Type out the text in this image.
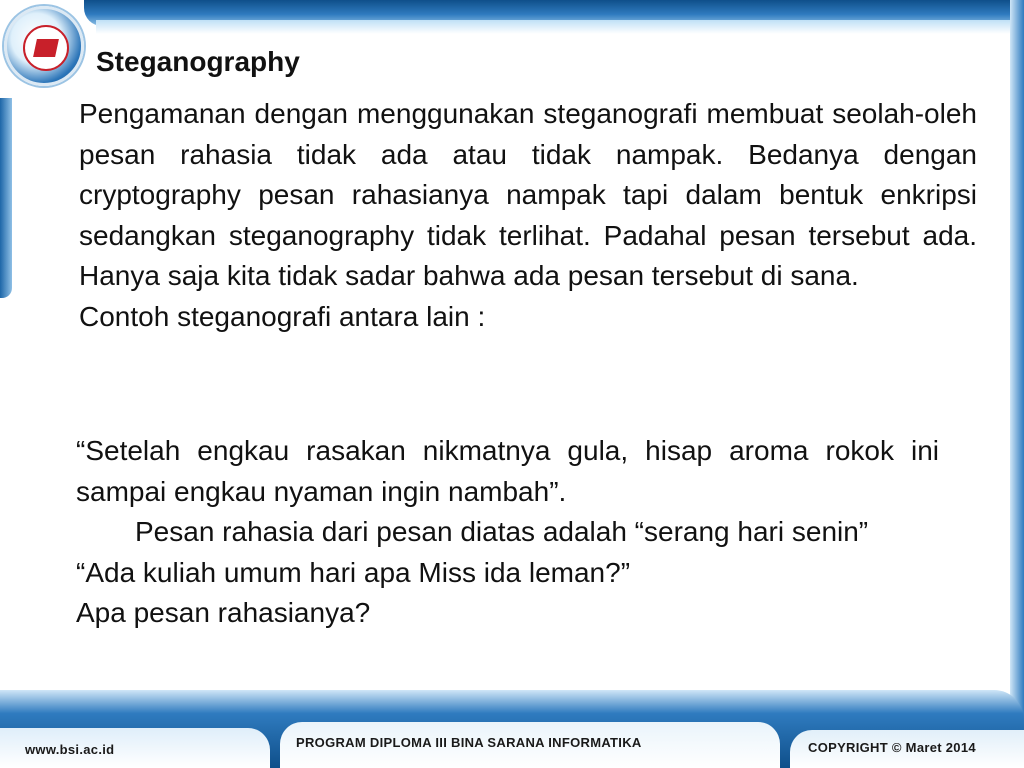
Steganography

Pengamanan dengan menggunakan steganografi membuat seolah-oleh pesan rahasia tidak ada atau tidak nampak. Bedanya dengan cryptography pesan rahasianya nampak tapi dalam bentuk enkripsi sedangkan steganography tidak terlihat. Padahal pesan tersebut ada. Hanya saja kita tidak sadar bahwa ada pesan tersebut di sana.

Contoh steganografi antara lain :

“Setelah engkau rasakan nikmatnya gula, hisap aroma rokok ini sampai engkau nyaman ingin nambah”.

Pesan rahasia dari pesan diatas adalah “serang hari senin”

“Ada kuliah umum hari apa Miss ida leman?”

Apa pesan rahasianya?

www.bsi.ac.id	PROGRAM DIPLOMA III BINA SARANA INFORMATIKA	COPYRIGHT © Maret 2014
